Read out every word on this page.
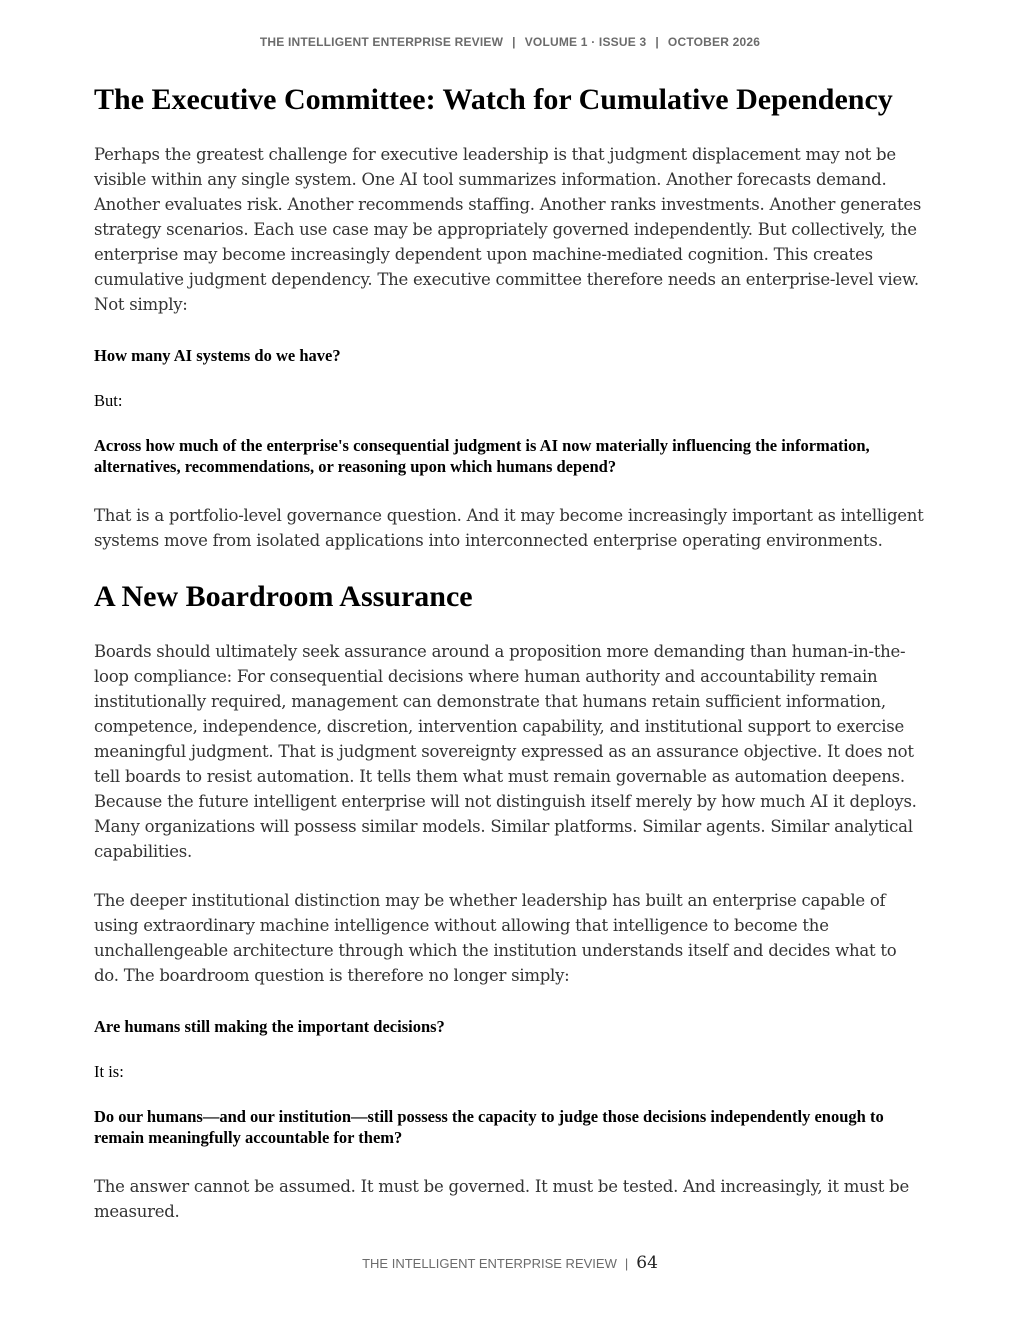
THE INTELLIGENT ENTERPRISE REVIEW | VOLUME 1 · ISSUE 3 | OCTOBER 2026
The Executive Committee: Watch for Cumulative Dependency

Perhaps the greatest challenge for executive leadership is that judgment displacement may not be visible within any single system. One AI tool summarizes information. Another forecasts demand. Another evaluates risk. Another recommends staffing. Another ranks investments. Another generates strategy scenarios. Each use case may be appropriately governed independently. But collectively, the enterprise may become increasingly dependent upon machine-mediated cognition. This creates cumulative judgment dependency. The executive committee therefore needs an enterprise-level view. Not simply:

How many AI systems do we have?

But:

Across how much of the enterprise's consequential judgment is AI now materially influencing the information, alternatives, recommendations, or reasoning upon which humans depend?

That is a portfolio-level governance question. And it may become increasingly important as intelligent systems move from isolated applications into interconnected enterprise operating environments.

A New Boardroom Assurance

Boards should ultimately seek assurance around a proposition more demanding than human-in-the-loop compliance: For consequential decisions where human authority and accountability remain institutionally required, management can demonstrate that humans retain sufficient information, competence, independence, discretion, intervention capability, and institutional support to exercise meaningful judgment. That is judgment sovereignty expressed as an assurance objective. It does not tell boards to resist automation. It tells them what must remain governable as automation deepens. Because the future intelligent enterprise will not distinguish itself merely by how much AI it deploys. Many organizations will possess similar models. Similar platforms. Similar agents. Similar analytical capabilities.

The deeper institutional distinction may be whether leadership has built an enterprise capable of using extraordinary machine intelligence without allowing that intelligence to become the unchallengeable architecture through which the institution understands itself and decides what to do. The boardroom question is therefore no longer simply:

Are humans still making the important decisions?

It is:

Do our humans—and our institution—still possess the capacity to judge those decisions independently enough to remain meaningfully accountable for them?

The answer cannot be assumed. It must be governed. It must be tested. And increasingly, it must be measured.

THE INTELLIGENT ENTERPRISE REVIEW | 64
